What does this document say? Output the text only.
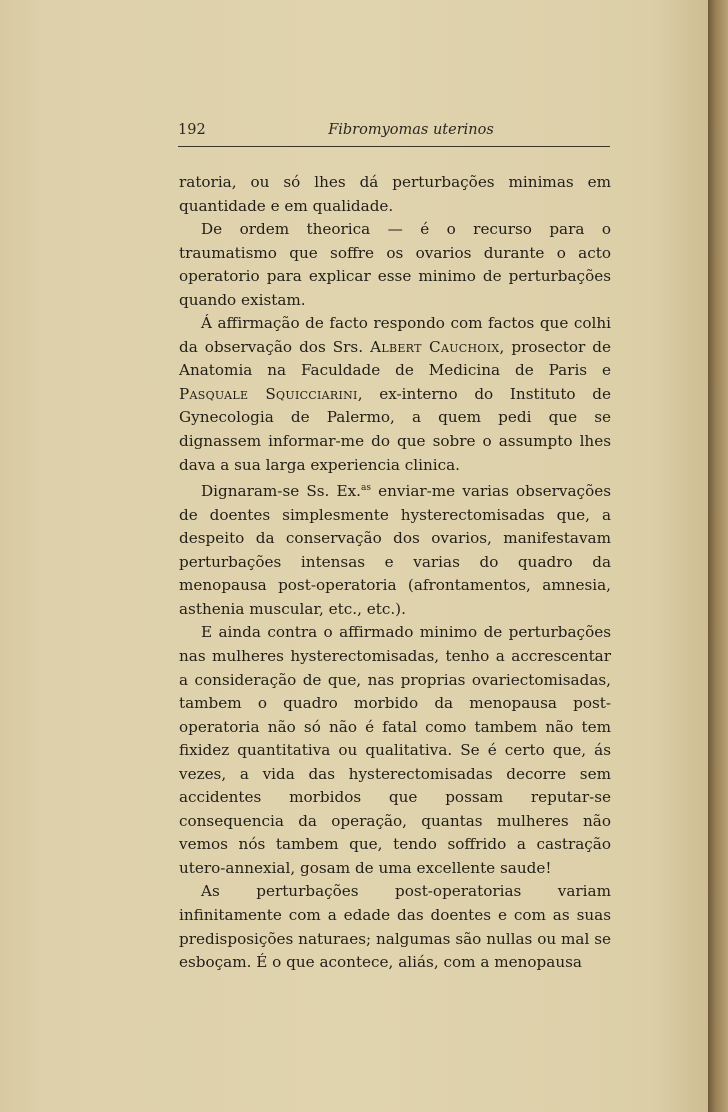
192	Fibromyomas uterinos

ratoria, ou só lhes dá perturbações minimas em quantidade e em qualidade.

De ordem theorica — é o recurso para o traumatismo que soffre os ovarios durante o acto operatorio para explicar esse minimo de perturbações quando existam.

Á affirmação de facto respondo com factos que colhi da observação dos Srs. Albert Cauchoix, prosector de Anatomia na Faculdade de Medicina de Paris e Pasquale Squicciarini, ex-interno do Instituto de Gynecologia de Palermo, a quem pedi que se dignassem informar-me do que sobre o assumpto lhes dava a sua larga experiencia clinica.

Dignaram-se Ss. Ex.$^{as}$ enviar-me varias observações de doentes simplesmente hysterectomisadas que, a despeito da conservação dos ovarios, manifestavam perturbações intensas e varias do quadro da menopausa post-operatoria (afrontamentos, amnesia, asthenia muscular, etc., etc.).

E ainda contra o affirmado minimo de perturbações nas mulheres hysterectomisadas, tenho a accrescentar a consideração de que, nas proprias ovariectomisadas, tambem o quadro morbido da menopausa post-operatoria não só não é fatal como tambem não tem fixidez quantitativa ou qualitativa. Se é certo que, ás vezes, a vida das hysterectomisadas decorre sem accidentes morbidos que possam reputar-se consequencia da operação, quantas mulheres não vemos nós tambem que, tendo soffrido a castração utero-annexial, gosam de uma excellente saude!

As perturbações post-operatorias variam infinitamente com a edade das doentes e com as suas predisposições naturaes; nalgumas são nullas ou mal se esboçam. É o que acontece, aliás, com a menopausa
